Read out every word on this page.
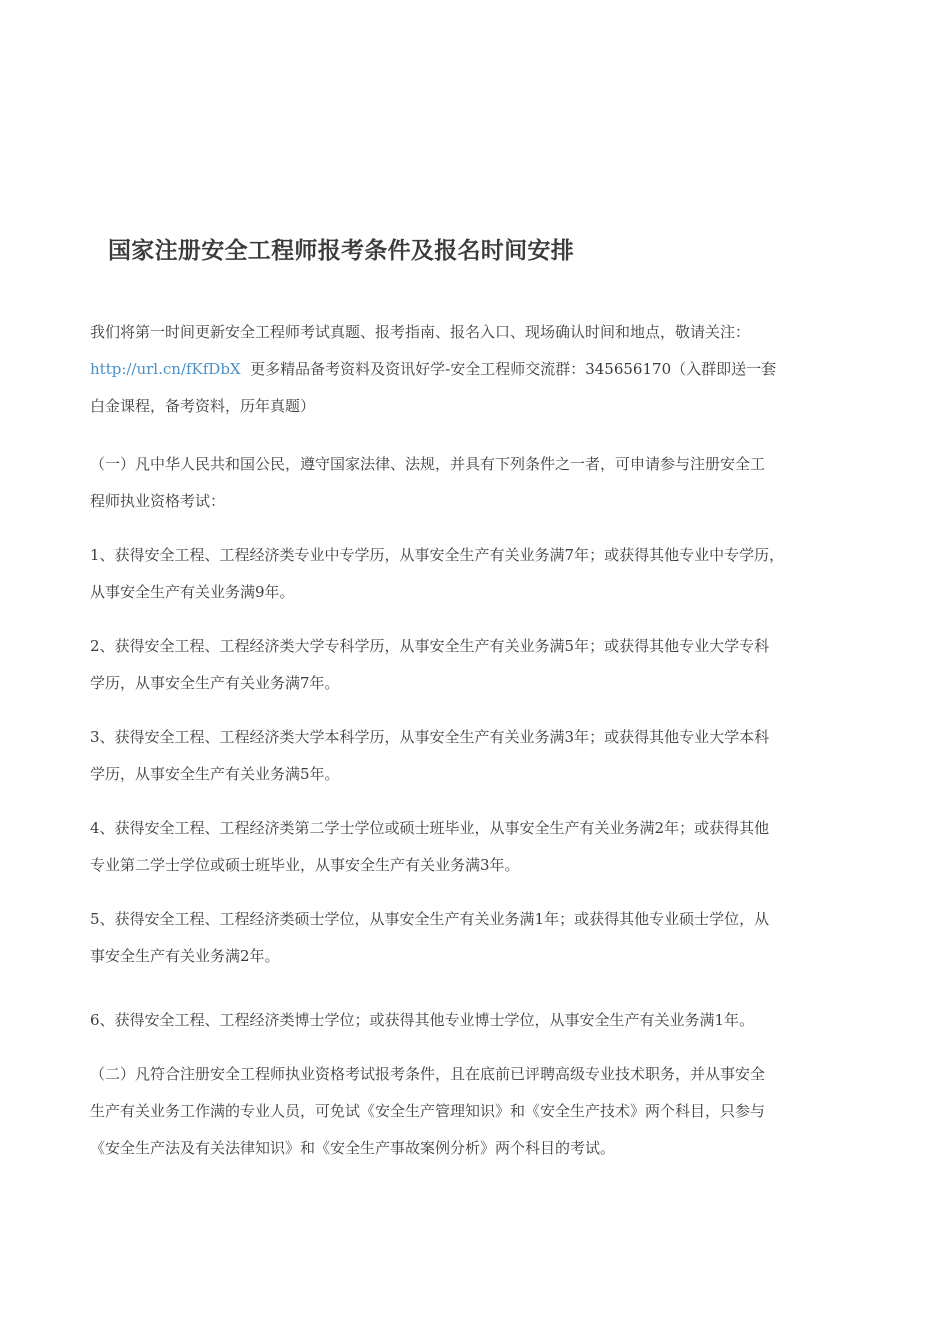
国家注册安全工程师报考条件及报名时间安排

我们将第一时间更新安全工程师考试真题、报考指南、报名入口、现场确认时间和地点，敬请关注：

http://url.cn/fKfDbX  更多精品备考资料及资讯好学-安全工程师交流群：345656170（入群即送一套

白金课程，备考资料，历年真题）

（一）凡中华人民共和国公民，遵守国家法律、法规，并具有下列条件之一者，可申请参与注册安全工

程师执业资格考试：

1、获得安全工程、工程经济类专业中专学历，从事安全生产有关业务满7年；或获得其他专业中专学历，

从事安全生产有关业务满9年。

2、获得安全工程、工程经济类大学专科学历，从事安全生产有关业务满5年；或获得其他专业大学专科

学历，从事安全生产有关业务满7年。

3、获得安全工程、工程经济类大学本科学历，从事安全生产有关业务满3年；或获得其他专业大学本科

学历，从事安全生产有关业务满5年。

4、获得安全工程、工程经济类第二学士学位或硕士班毕业，从事安全生产有关业务满2年；或获得其他

专业第二学士学位或硕士班毕业，从事安全生产有关业务满3年。

5、获得安全工程、工程经济类硕士学位，从事安全生产有关业务满1年；或获得其他专业硕士学位，从

事安全生产有关业务满2年。

6、获得安全工程、工程经济类博士学位；或获得其他专业博士学位，从事安全生产有关业务满1年。

（二）凡符合注册安全工程师执业资格考试报考条件，且在底前已评聘高级专业技术职务，并从事安全

生产有关业务工作满的专业人员，可免试《安全生产管理知识》和《安全生产技术》两个科目，只参与

《安全生产法及有关法律知识》和《安全生产事故案例分析》两个科目的考试。
